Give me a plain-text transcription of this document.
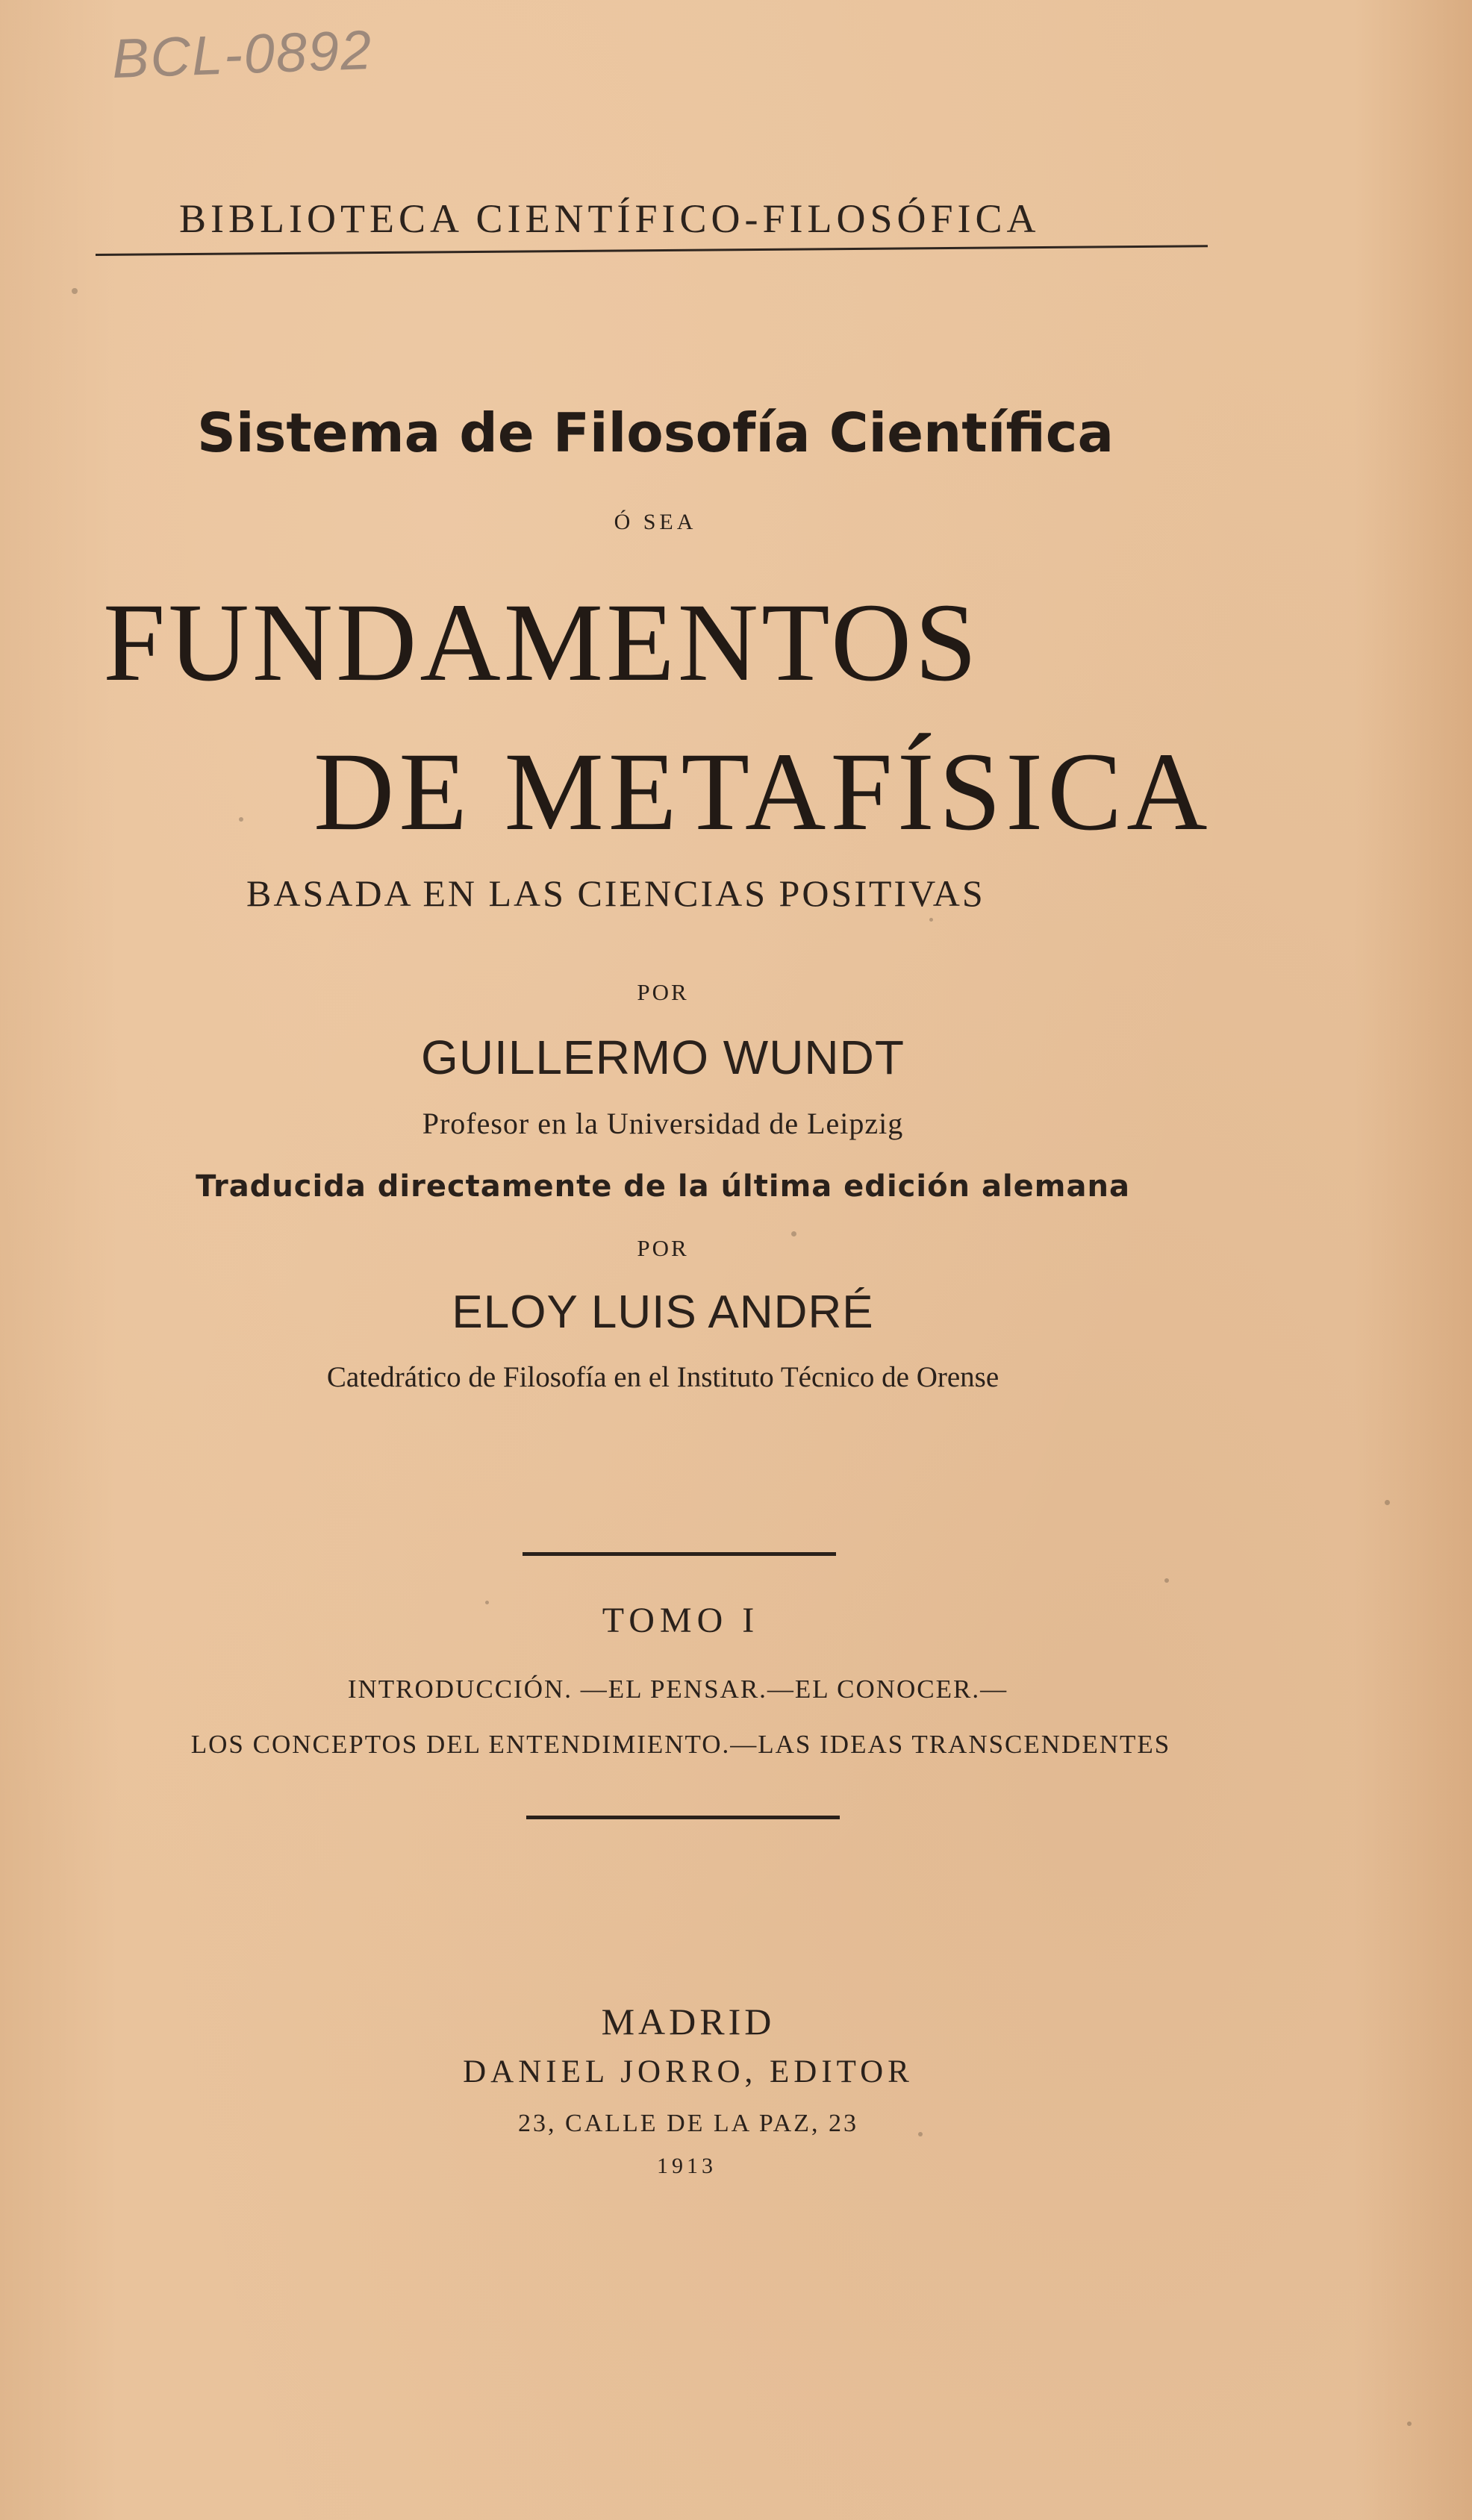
BCL-0892
BIBLIOTECA CIENTÍFICO-FILOSÓFICA
Sistema de Filosofía Científica
Ó SEA
FUNDAMENTOS
DE METAFÍSICA
BASADA EN LAS CIENCIAS POSITIVAS
POR
GUILLERMO WUNDT
Profesor en la Universidad de Leipzig
Traducida directamente de la última edición alemana
POR
ELOY LUIS ANDRÉ
Catedrático de Filosofía en el Instituto Técnico de Orense
TOMO I
INTRODUCCIÓN. —EL PENSAR.—EL CONOCER.—
LOS CONCEPTOS DEL ENTENDIMIENTO.—LAS IDEAS TRANSCENDENTES
MADRID
DANIEL JORRO, EDITOR
23, CALLE DE LA PAZ, 23
1913
